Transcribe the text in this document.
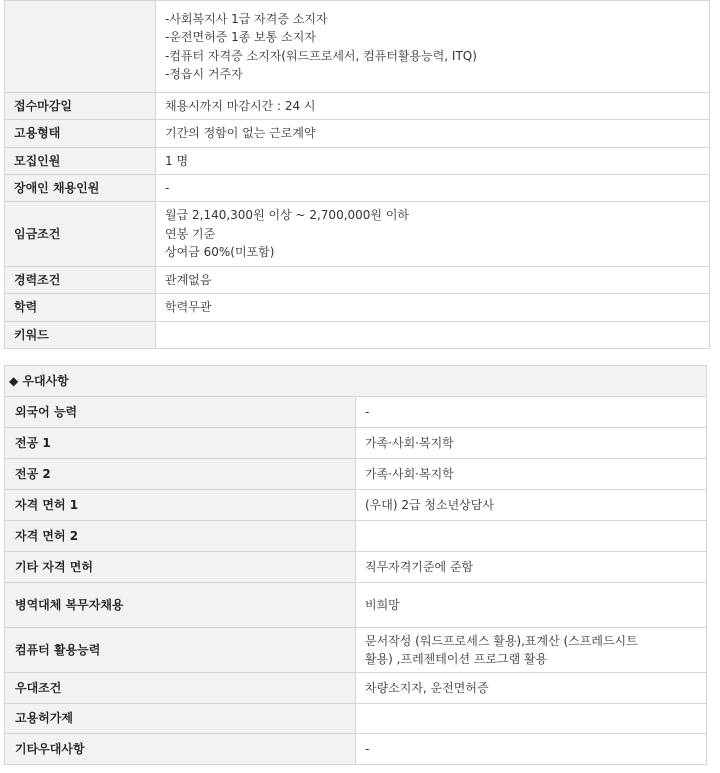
	-사회복지사 1급 자격증 소지자
-운전면허증 1종 보통 소지자
-컴퓨터 자격증 소지자(워드프로세서, 컴퓨터활용능력, ITQ)
-정읍시 거주자

접수마감일	채용시까지 마감시간 : 24 시
고용형태	기간의 정함이 없는 근로계약
모집인원	1 명
장애인 채용인원	-
임금조건	월급 2,140,300원 이상 ~ 2,700,000원 이하
연봉 기준
상여금 60%(미포함)

경력조건	관계없음
학력	학력무관
키워드	
◆ 우대사항	
외국어 능력	-
전공 1	가족·사회·복지학
전공 2	가족·사회·복지학
자격 면허 1	(우대) 2급 청소년상담사
자격 면허 2	
기타 자격 면허	직무자격기준에 준함
병역대체 복무자채용	비희망
컴퓨터 활용능력	문서작성 (워드프로세스 활용),표계산 (스프레드시트 활용) ,프레젠테이션 프로그램 활용
우대조건	차량소지자, 운전면허증
고용허가제	
기타우대사항	-
